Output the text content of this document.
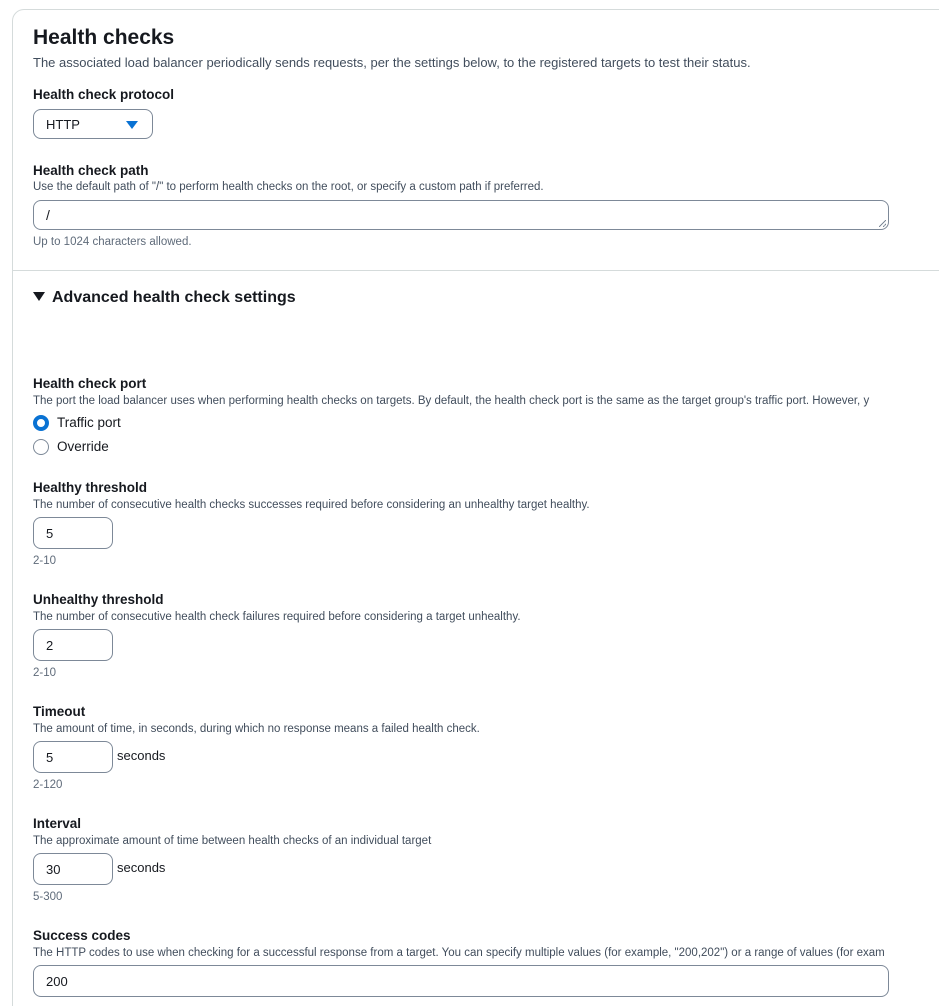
Health checks
The associated load balancer periodically sends requests, per the settings below, to the registered targets to test their status.
Health check protocol
HTTP
Health check path
Use the default path of "/" to perform health checks on the root, or specify a custom path if preferred.
/
Up to 1024 characters allowed.
Advanced health check settings
Health check port
The port the load balancer uses when performing health checks on targets. By default, the health check port is the same as the target group's traffic port. However, y
Traffic port
Override
Healthy threshold
The number of consecutive health checks successes required before considering an unhealthy target healthy.
5
2-10
Unhealthy threshold
The number of consecutive health check failures required before considering a target unhealthy.
2
2-10
Timeout
The amount of time, in seconds, during which no response means a failed health check.
5	seconds
2-120
Interval
The approximate amount of time between health checks of an individual target
30	seconds
5-300
Success codes
The HTTP codes to use when checking for a successful response from a target. You can specify multiple values (for example, "200,202") or a range of values (for exam
200
